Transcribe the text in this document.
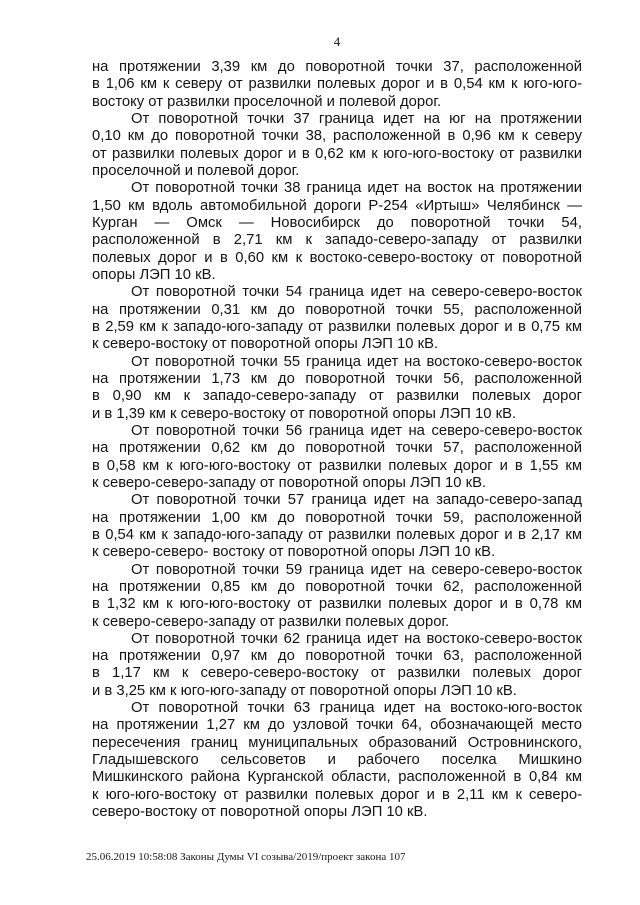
4
на протяжении 3,39 км до поворотной точки 37, расположенной
в 1,06 км к северу от развилки полевых дорог и в 0,54 км к юго-юго-
востоку от развилки проселочной и полевой дорог.
От поворотной точки 37 граница идет на юг на протяжении
0,10 км до поворотной точки 38, расположенной в 0,96 км к северу
от развилки полевых дорог и в 0,62 км к юго-юго-востоку от развилки
проселочной и полевой дорог.
От поворотной точки 38 граница идет на восток на протяжении
1,50 км вдоль автомобильной дороги Р-254 «Иртыш» Челябинск —
Курган — Омск — Новосибирск до поворотной точки 54,
расположенной в 2,71 км к западо-северо-западу от развилки
полевых дорог и в 0,60 км к востоко-северо-востоку от поворотной
опоры ЛЭП 10 кВ.
От поворотной точки 54 граница идет на северо-северо-восток
на протяжении 0,31 км до поворотной точки 55, расположенной
в 2,59 км к западо-юго-западу от развилки полевых дорог и в 0,75 км
к северо-востоку от поворотной опоры ЛЭП 10 кВ.
От поворотной точки 55 граница идет на востоко-северо-восток
на протяжении 1,73 км до поворотной точки 56, расположенной
в 0,90 км к западо-северо-западу от развилки полевых дорог
и в 1,39 км к северо-востоку от поворотной опоры ЛЭП 10 кВ.
От поворотной точки 56 граница идет на северо-северо-восток
на протяжении 0,62 км до поворотной точки 57, расположенной
в 0,58 км к юго-юго-востоку от развилки полевых дорог и в 1,55 км
к северо-северо-западу от поворотной опоры ЛЭП 10 кВ.
От поворотной точки 57 граница идет на западо-северо-запад
на протяжении 1,00 км до поворотной точки 59, расположенной
в 0,54 км к западо-юго-западу от развилки полевых дорог и в 2,17 км
к северо-северо- востоку от поворотной опоры ЛЭП 10 кВ.
От поворотной точки 59 граница идет на северо-северо-восток
на протяжении 0,85 км до поворотной точки 62, расположенной
в 1,32 км к юго-юго-востоку от развилки полевых дорог и в 0,78 км
к северо-северо-западу от развилки полевых дорог.
От поворотной точки 62 граница идет на востоко-северо-восток
на протяжении 0,97 км до поворотной точки 63, расположенной
в 1,17 км к северо-северо-востоку от развилки полевых дорог
и в 3,25 км к юго-юго-западу от поворотной опоры ЛЭП 10 кВ.
От поворотной точки 63 граница идет на востоко-юго-восток
на протяжении 1,27 км до узловой точки 64, обозначающей место
пересечения границ муниципальных образований Островнинского,
Гладышевского сельсоветов и рабочего поселка Мишкино
Мишкинского района Курганской области, расположенной в 0,84 км
к юго-юго-востоку от развилки полевых дорог и в 2,11 км к северо-
северо-востоку от поворотной опоры ЛЭП 10 кВ.
25.06.2019 10:58:08 Законы Думы VI созыва/2019/проект закона 107
